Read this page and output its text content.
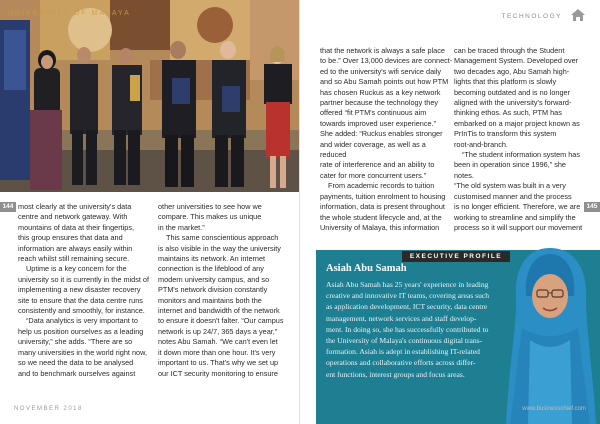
UNIVERSITY OF MALAYA
144 most clearly at the university's data

centre and network gateway. With

mountains of data at their fingertips,

this group ensures that data and

information are always easily within

reach whilst still remaining secure.

Uptime is a key concern for the

university so it is currently in the midst of

implementing a new disaster recovery

site to ensure that the data centre runs

consistently and smoothly, for instance.

“Data analytics is very important to

help us position ourselves as a leading

university,” she adds. “There are so

many universities in the world right now,

so we need the data to be analysed

and to benchmark ourselves against

other universities to see how we

compare. This makes us unique

in the market.”

This same conscientious approach

is also visible in the way the university

maintains its network. An internet

connection is the lifeblood of any

modern university campus, and so

PTM's network division constantly

monitors and maintains both the

internet and bandwidth of the network

to ensure it doesn't falter. “Our campus

network is up 24/7, 365 days a year,”

notes Abu Samah. “We can't even let

it down more than one hour. It's very

important to us. That's why we set up

our ICT security monitoring to ensure

NOVEMBER 2018
TECHNOLOGY

that the network is always a safe place

to be.” Over 13,000 devices are connect-

ed to the university's wifi service daily

and so Abu Samah points out how PTM

has chosen Ruckus as a key network

partner because the technology they

offered “fit PTM's continuous aim

towards improved user experience.”

She added: “Ruckus enables stronger

and wider coverage, as well as a reduced

rate of interference and an ability to

cater for more concurrent users.”

From academic records to tuition

payments, tuition enrolment to housing

information, data is present throughout

the whole student lifecycle and, at the

University of Malaya, this information

can be traced through the Student

Management System. Developed over

two decades ago, Abu Samah high-

lights that this platform is slowly

becoming outdated and is no longer

aligned with the university's forward-

thinking ethos. As such, PTM has

embarked on a major project known as

PrInTis to transform this system

root-and-branch.

“The student information system has

been in operation since 1996,” she notes.

“The old system was built in a very

customised manner and the process

is no longer efficient. Therefore, we are

working to streamline and simplify the

process so it will support our movement

145
EXECUTIVE PROFILE
Asiah Abu Samah
Asiah Abu Samah has 25 years' experience in leading
creative and innovative IT teams, covering areas such
as application development, ICT security, data centre
management, network services and staff develop-
ment. In doing so, she has successfully contributed to
the University of Malaya's continuous digital trans-
formation. Asiah is adept in establishing IT-related
operations and collaborative efforts across differ-
ent functions, interest groups and focus areas.
www.businesschief.com
